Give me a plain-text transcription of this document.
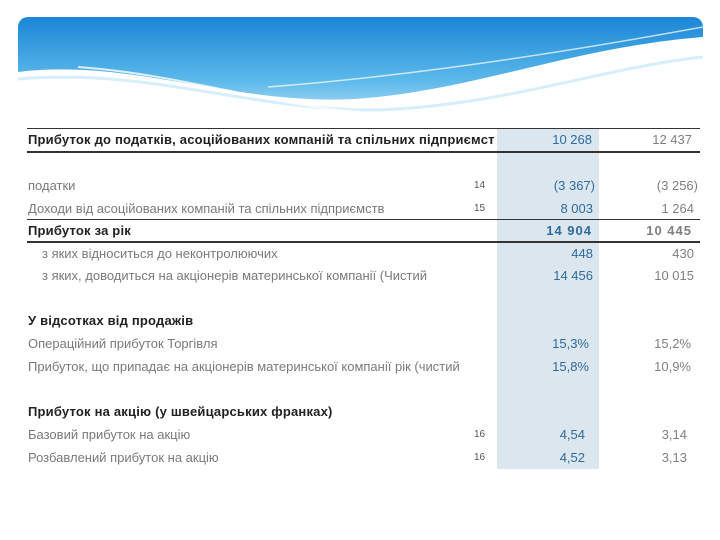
Прибуток до податків, асоційованих компаній та спільних підприємст	10 268	12 437
податки	14	(3 367)	(3 256)
Доходи від асоційованих компаній та спільних підприємств	15	8 003	1 264
Прибуток за рік	14 904	10 445
з яких відноситься до неконтролюючих	448	430
з яких, доводиться на акціонерів материнської компанії (Чистий	14 456	10 015
У відсотках від продажів
Операційний прибуток Торгівля	15,3%	15,2%
Прибуток, що припадає на акціонерів материнської компанії рік (чистий	15,8%	10,9%
Прибуток на акцію (у швейцарських франках)
Базовий прибуток на акцію	16	4,54	3,14
Розбавлений прибуток на акцію	16	4,52	3,13
